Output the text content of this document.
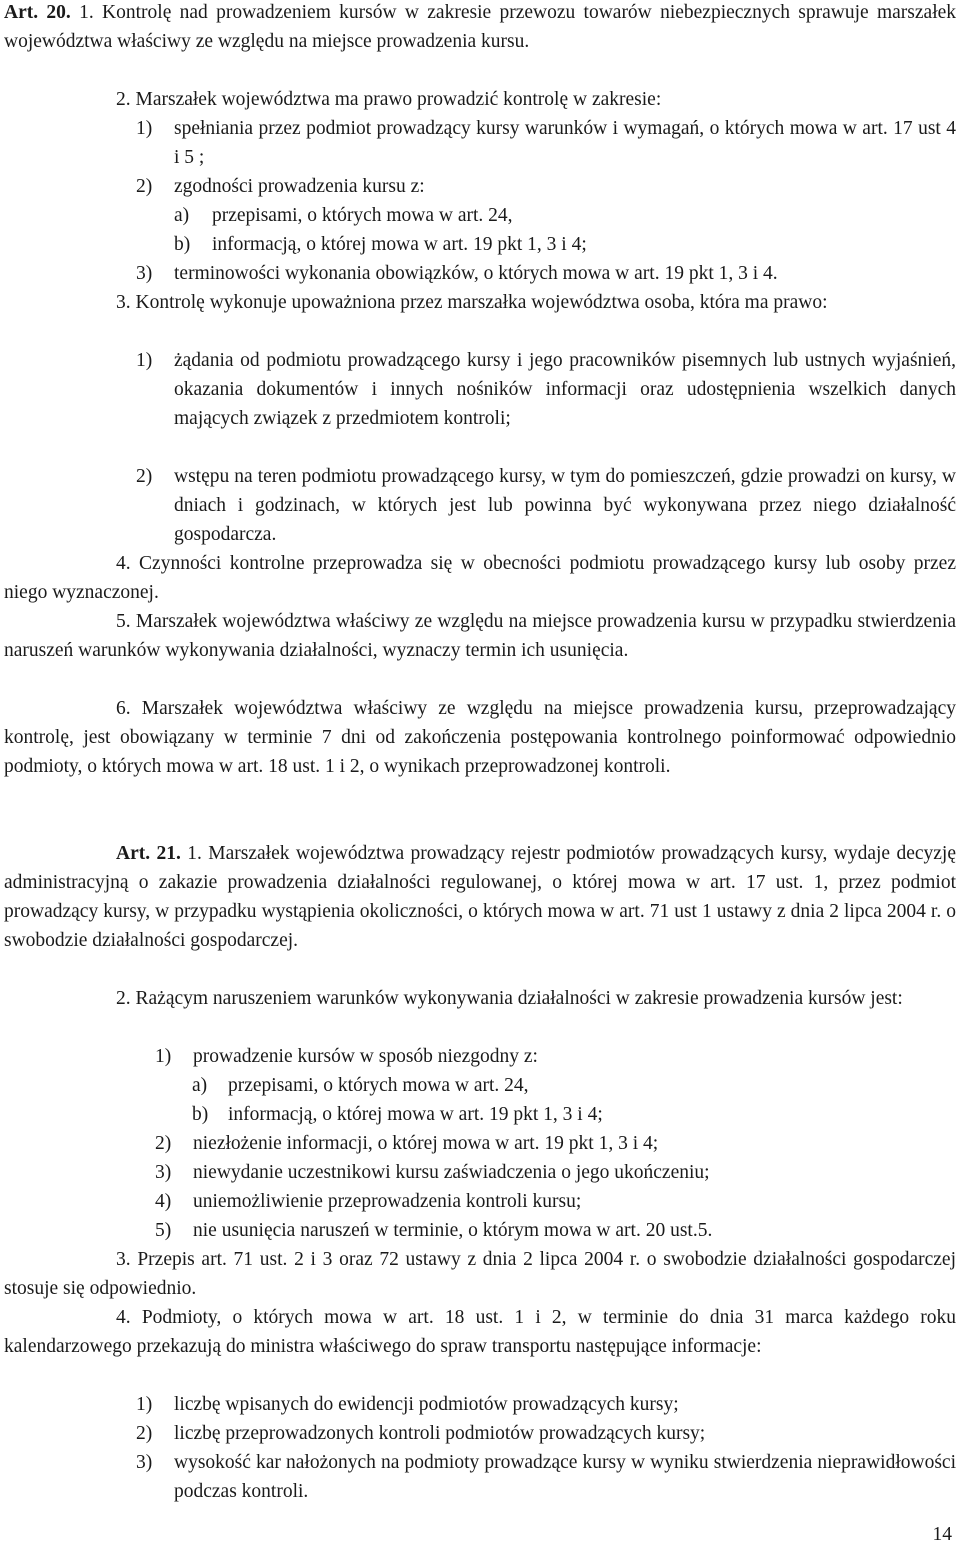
Art. 20. 1. Kontrolę nad prowadzeniem kursów w zakresie przewozu towarów niebezpiecznych sprawuje marszałek województwa właściwy ze względu na miejsce prowadzenia kursu.

2. Marszałek województwa ma prawo prowadzić kontrolę w zakresie:

1)	spełniania przez podmiot prowadzący kursy warunków i wymagań, o których mowa w art. 17 ust 4 i 5 ;
2)	zgodności prowadzenia kursu z:
a)	przepisami, o których mowa w art. 24,
b)	informacją, o której mowa w art. 19 pkt 1, 3 i 4;
3)	terminowości wykonania obowiązków, o których mowa w art. 19 pkt 1, 3 i 4.

3. Kontrolę wykonuje upoważniona przez marszałka województwa osoba, która ma prawo:

1)	żądania od podmiotu prowadzącego kursy i jego pracowników pisemnych lub ustnych wyjaśnień, okazania dokumentów i innych nośników informacji oraz udostępnienia wszelkich danych mających związek z przedmiotem kontroli;
2)	wstępu na teren podmiotu prowadzącego kursy, w tym do pomieszczeń, gdzie prowadzi on kursy, w dniach i godzinach, w których jest lub powinna być wykonywana przez niego działalność gospodarcza.

4. Czynności kontrolne przeprowadza się w obecności podmiotu prowadzącego kursy lub osoby przez niego wyznaczonej.

5. Marszałek województwa właściwy ze względu na miejsce prowadzenia kursu w przypadku stwierdzenia naruszeń warunków wykonywania działalności, wyznaczy termin ich usunięcia.

6. Marszałek województwa właściwy ze względu na miejsce prowadzenia kursu, przeprowadzający kontrolę, jest obowiązany w terminie 7 dni od zakończenia postępowania kontrolnego poinformować odpowiednio podmioty, o których mowa w art. 18 ust. 1 i 2, o wynikach przeprowadzonej kontroli.

Art. 21. 1. Marszałek województwa prowadzący rejestr podmiotów prowadzących kursy, wydaje decyzję administracyjną o zakazie prowadzenia działalności regulowanej, o której mowa w art. 17 ust. 1, przez podmiot prowadzący kursy, w przypadku wystąpienia okoliczności, o których mowa w art. 71 ust 1 ustawy z dnia 2 lipca 2004 r. o swobodzie działalności gospodarczej.

2. Rażącym naruszeniem warunków wykonywania działalności w zakresie prowadzenia kursów jest:

1)	prowadzenie kursów w sposób niezgodny z:
a)	przepisami, o których mowa w art. 24,
b)	informacją, o której mowa w art. 19 pkt 1, 3 i 4;
2)	niezłożenie informacji, o której mowa w art. 19 pkt 1, 3 i 4;
3)	niewydanie uczestnikowi kursu zaświadczenia o jego ukończeniu;
4)	uniemożliwienie przeprowadzenia kontroli kursu;
5)	nie usunięcia naruszeń w terminie, o którym mowa w art. 20 ust.5.

3. Przepis art. 71 ust. 2 i 3 oraz 72 ustawy z dnia 2 lipca 2004 r. o swobodzie działalności gospodarczej stosuje się odpowiednio.

4. Podmioty, o których mowa w art. 18 ust. 1 i 2, w terminie do dnia 31 marca każdego roku kalendarzowego przekazują do ministra właściwego do spraw transportu następujące informacje:

1)	liczbę wpisanych do ewidencji podmiotów prowadzących kursy;
2)	liczbę przeprowadzonych kontroli podmiotów prowadzących kursy;
3)	wysokość kar nałożonych na podmioty prowadzące kursy w wyniku stwierdzenia nieprawidłowości podczas kontroli.
14
